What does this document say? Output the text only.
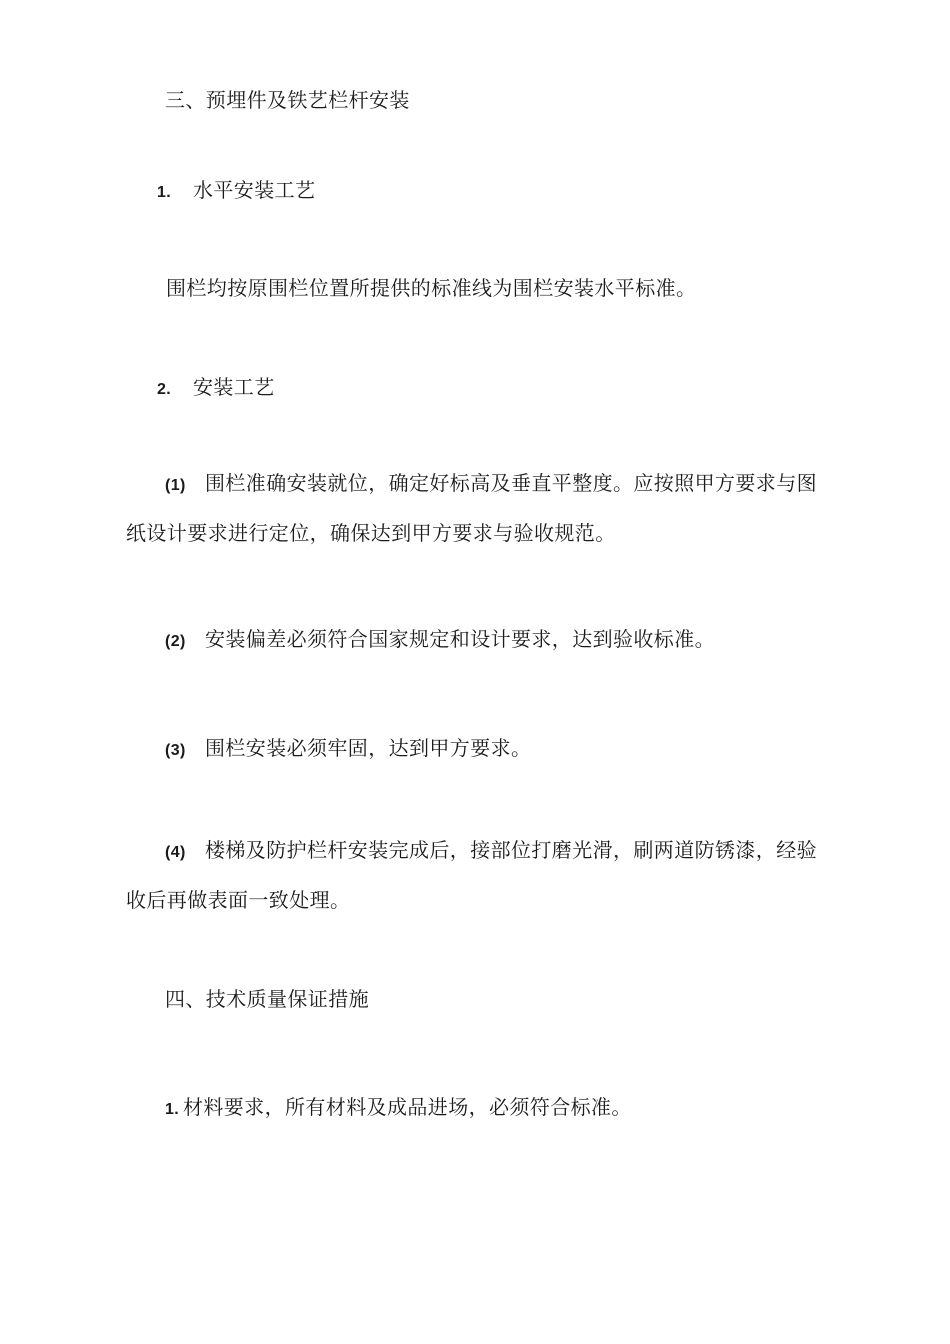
三、预埋件及铁艺栏杆安装
1. 水平安装工艺
围栏均按原围栏位置所提供的标准线为围栏安装水平标准。
2. 安装工艺
(1) 围栏准确安装就位，确定好标高及垂直平整度。应按照甲方要求与图
纸设计要求进行定位，确保达到甲方要求与验收规范。
(2) 安装偏差必须符合国家规定和设计要求，达到验收标准。
(3) 围栏安装必须牢固，达到甲方要求。
(4) 楼梯及防护栏杆安装完成后，接部位打磨光滑，刷两道防锈漆，经验
收后再做表面一致处理。
四、技术质量保证措施
1. 材料要求，所有材料及成品进场，必须符合标准。
